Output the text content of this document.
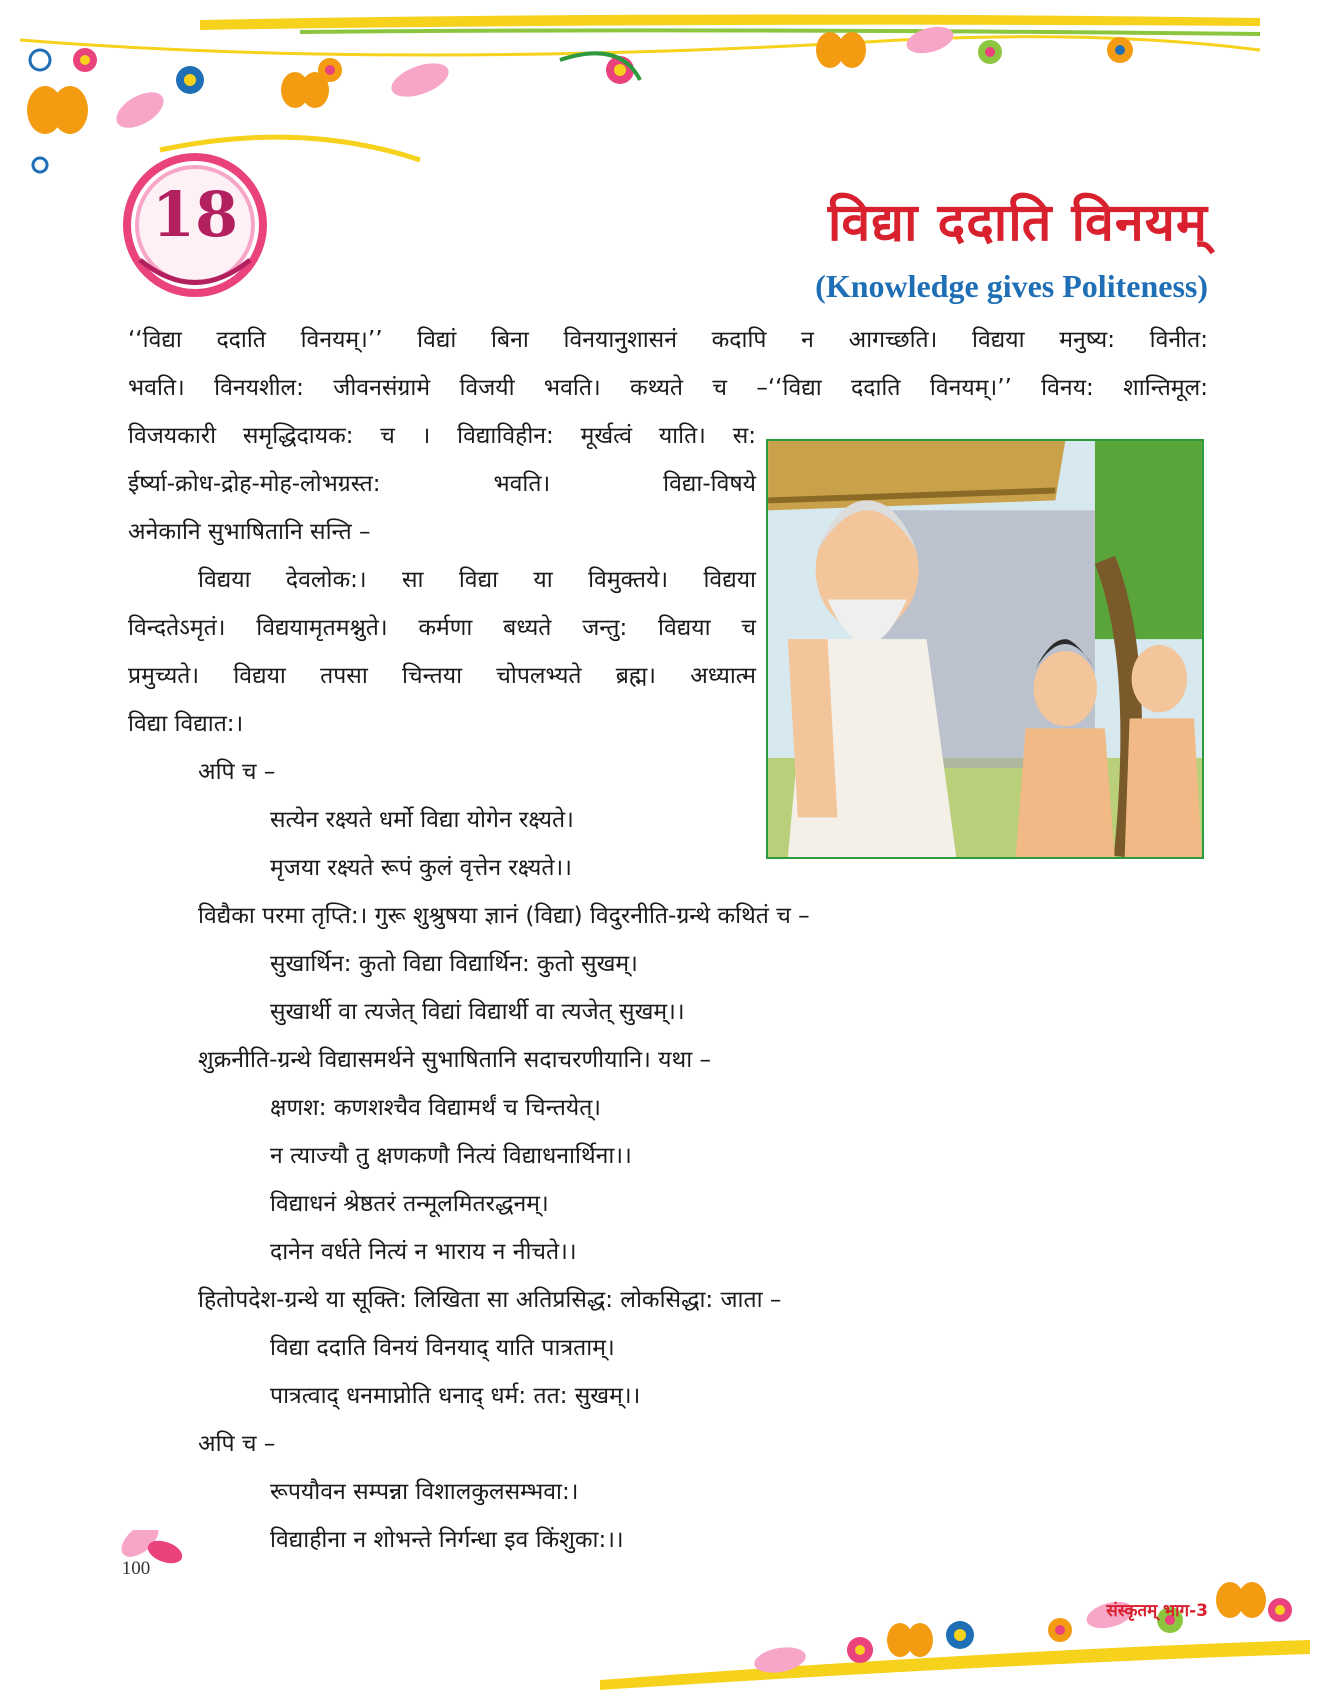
18	विद्या ददाति विनयम्
(Knowledge gives Politeness)
‘‘विद्या ददाति विनयम्।’’ विद्यां बिना विनयानुशासनं कदापि न आगच्छति। विद्यया मनुष्य: विनीत:
भवति। विनयशील: जीवनसंग्रामे विजयी भवति। कथ्यते च –‘‘विद्या ददाति विनयम्।’’ विनय: शान्तिमूल:
विजयकारी समृद्धिदायक: च । विद्याविहीन: मूर्खत्वं याति। स:
ईर्ष्या-क्रोध-द्रोह-मोह-लोभग्रस्त: भवति। विद्या-विषये
अनेकानि सुभाषितानि सन्ति –
विद्यया देवलोक:। सा विद्या या विमुक्तये। विद्यया
विन्दतेऽमृतं। विद्ययामृतमश्नुते। कर्मणा बध्यते जन्तु: विद्यया च
प्रमुच्यते। विद्यया तपसा चिन्तया चोपलभ्यते ब्रह्म। अध्यात्म
विद्या विद्यात:।
अपि च –
सत्येन रक्ष्यते धर्मो विद्या योगेन रक्ष्यते।
मृजया रक्ष्यते रूपं कुलं वृत्तेन रक्ष्यते।।
विद्यैका परमा तृप्ति:। गुरू शुश्रुषया ज्ञानं (विद्या) विदुरनीति-ग्रन्थे कथितं च –
सुखार्थिन: कुतो विद्या विद्यार्थिन: कुतो सुखम्।
सुखार्थी वा त्यजेत् विद्यां विद्यार्थी वा त्यजेत् सुखम्।।
शुक्रनीति-ग्रन्थे विद्यासमर्थने सुभाषितानि सदाचरणीयानि। यथा –
क्षणश: कणशश्चैव विद्यामर्थं च चिन्तयेत्।
न त्याज्यौ तु क्षणकणौ नित्यं विद्याधनार्थिना।।
विद्याधनं श्रेष्ठतरं तन्मूलमितरद्धनम्।
दानेन वर्धते नित्यं न भाराय न नीचते।।
हितोपदेश-ग्रन्थे या सूक्ति: लिखिता सा अतिप्रसिद्ध: लोकसिद्धा: जाता –
विद्या ददाति विनयं विनयाद् याति पात्रताम्।
पात्रत्वाद् धनमाप्नोति धनाद् धर्म: तत: सुखम्।।
अपि च –
रूपयौवन सम्पन्ना विशालकुलसम्भवा:।
विद्याहीना न शोभन्ते निर्गन्धा इव किंशुका:।।
100
संस्कृतम् भाग-3
